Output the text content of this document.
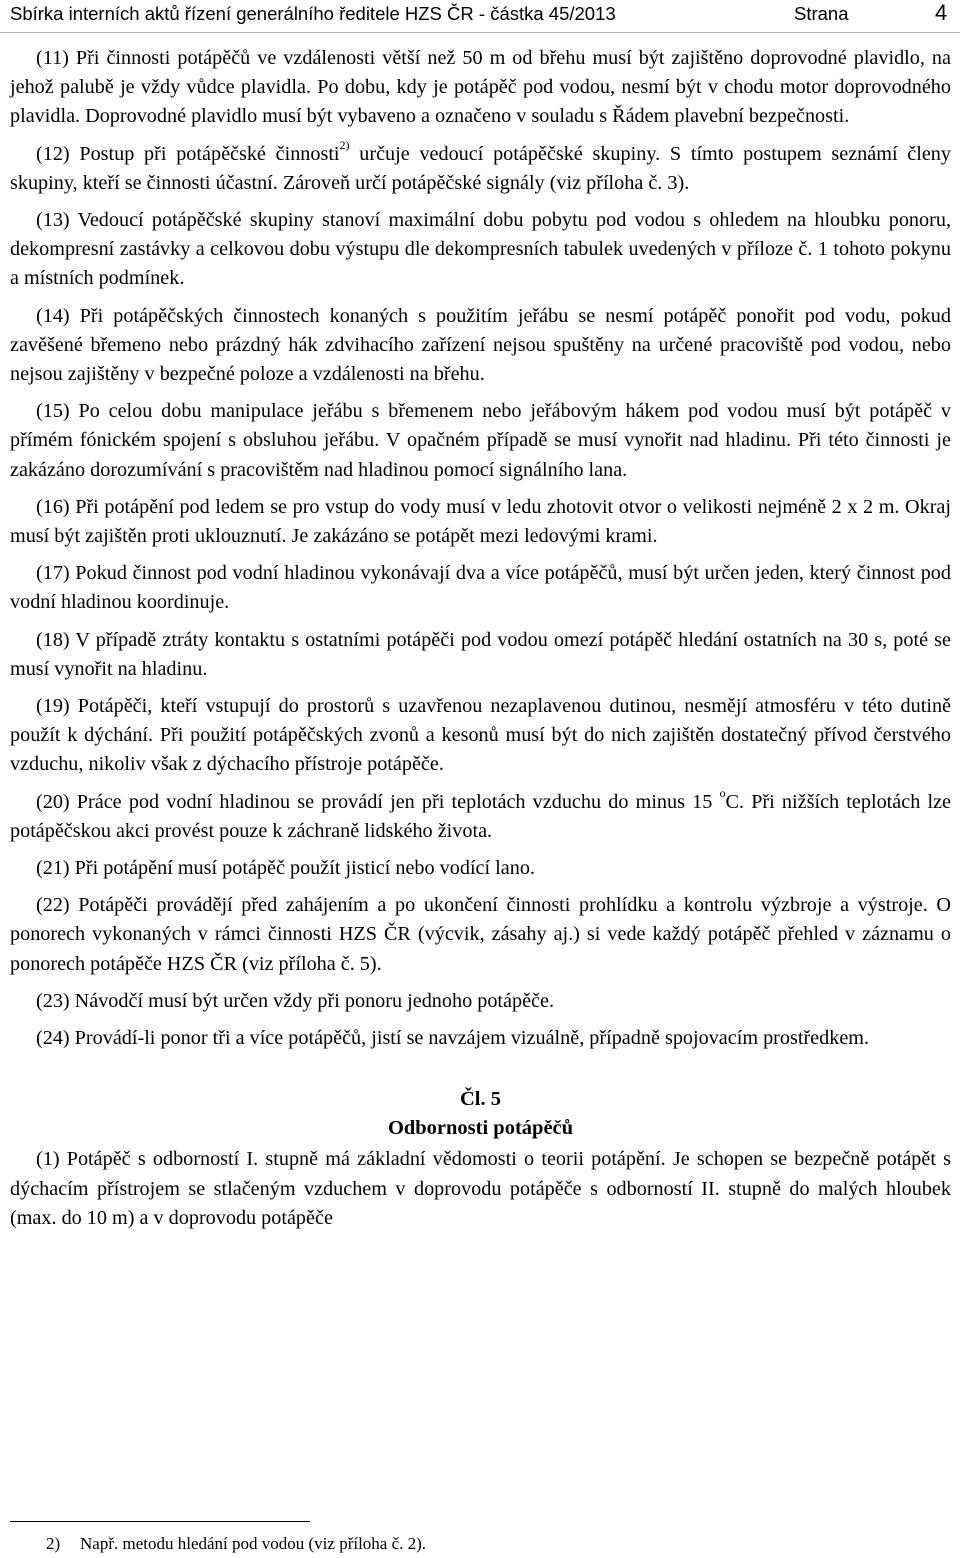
Sbírka interních aktů řízení generálního ředitele HZS ČR - částka 45/2013	Strana	4

(11) Při činnosti potápěčů ve vzdálenosti větší než 50 m od břehu musí být zajištěno doprovodné plavidlo, na jehož palubě je vždy vůdce plavidla. Po dobu, kdy je potápěč pod vodou, nesmí být v chodu motor doprovodného plavidla. Doprovodné plavidlo musí být vybaveno a označeno v souladu s Řádem plavební bezpečnosti.

(12) Postup při potápěčské činnosti$^{2)}$ určuje vedoucí potápěčské skupiny. S tímto postupem seznámí členy skupiny, kteří se činnosti účastní. Zároveň určí potápěčské signály (viz příloha č. 3).

(13) Vedoucí potápěčské skupiny stanoví maximální dobu pobytu pod vodou s ohledem na hloubku ponoru, dekompresní zastávky a celkovou dobu výstupu dle dekompresních tabulek uvedených v příloze č. 1 tohoto pokynu a místních podmínek.

(14) Při potápěčských činnostech konaných s použitím jeřábu se nesmí potápěč ponořit pod vodu, pokud zavěšené břemeno nebo prázdný hák zdvihacího zařízení nejsou spuštěny na určené pracoviště pod vodou, nebo nejsou zajištěny v bezpečné poloze a vzdálenosti na břehu.

(15) Po celou dobu manipulace jeřábu s břemenem nebo jeřábovým hákem pod vodou musí být potápěč v přímém fónickém spojení s obsluhou jeřábu. V opačném případě se musí vynořit nad hladinu. Při této činnosti je zakázáno dorozumívání s pracovištěm nad hladinou pomocí signálního lana.

(16) Při potápění pod ledem se pro vstup do vody musí v ledu zhotovit otvor o velikosti nejméně 2 x 2 m. Okraj musí být zajištěn proti uklouznutí. Je zakázáno se potápět mezi ledovými krami.

(17) Pokud činnost pod vodní hladinou vykonávají dva a více potápěčů, musí být určen jeden, který činnost pod vodní hladinou koordinuje.

(18) V případě ztráty kontaktu s ostatními potápěči pod vodou omezí potápěč hledání ostatních na 30 s, poté se musí vynořit na hladinu.

(19) Potápěči, kteří vstupují do prostorů s uzavřenou nezaplavenou dutinou, nesmějí atmosféru v této dutině použít k dýchání. Při použití potápěčských zvonů a kesonů musí být do nich zajištěn dostatečný přívod čerstvého vzduchu, nikoliv však z dýchacího přístroje potápěče.

(20) Práce pod vodní hladinou se provádí jen při teplotách vzduchu do minus 15 $^o$C. Při nižších teplotách lze potápěčskou akci provést pouze k záchraně lidského života.

(21) Při potápění musí potápěč použít jisticí nebo vodící lano.

(22) Potápěči provádějí před zahájením a po ukončení činnosti prohlídku a kontrolu výzbroje a výstroje. O ponorech vykonaných v rámci činnosti HZS ČR (výcvik, zásahy aj.) si vede každý potápěč přehled v záznamu o ponorech potápěče HZS ČR (viz příloha č. 5).

(23) Návodčí musí být určen vždy při ponoru jednoho potápěče.

(24) Provádí-li ponor tři a více potápěčů, jistí se navzájem vizuálně, případně spojovacím prostředkem.

Čl. 5

Odbornosti potápěčů

(1) Potápěč s odborností I. stupně má základní vědomosti o teorii potápění. Je schopen se bezpečně potápět s dýchacím přístrojem se stlačeným vzduchem v doprovodu potápěče s odborností II. stupně do malých hloubek (max. do 10 m) a v doprovodu potápěče

2) Např. metodu hledání pod vodou (viz příloha č. 2).
